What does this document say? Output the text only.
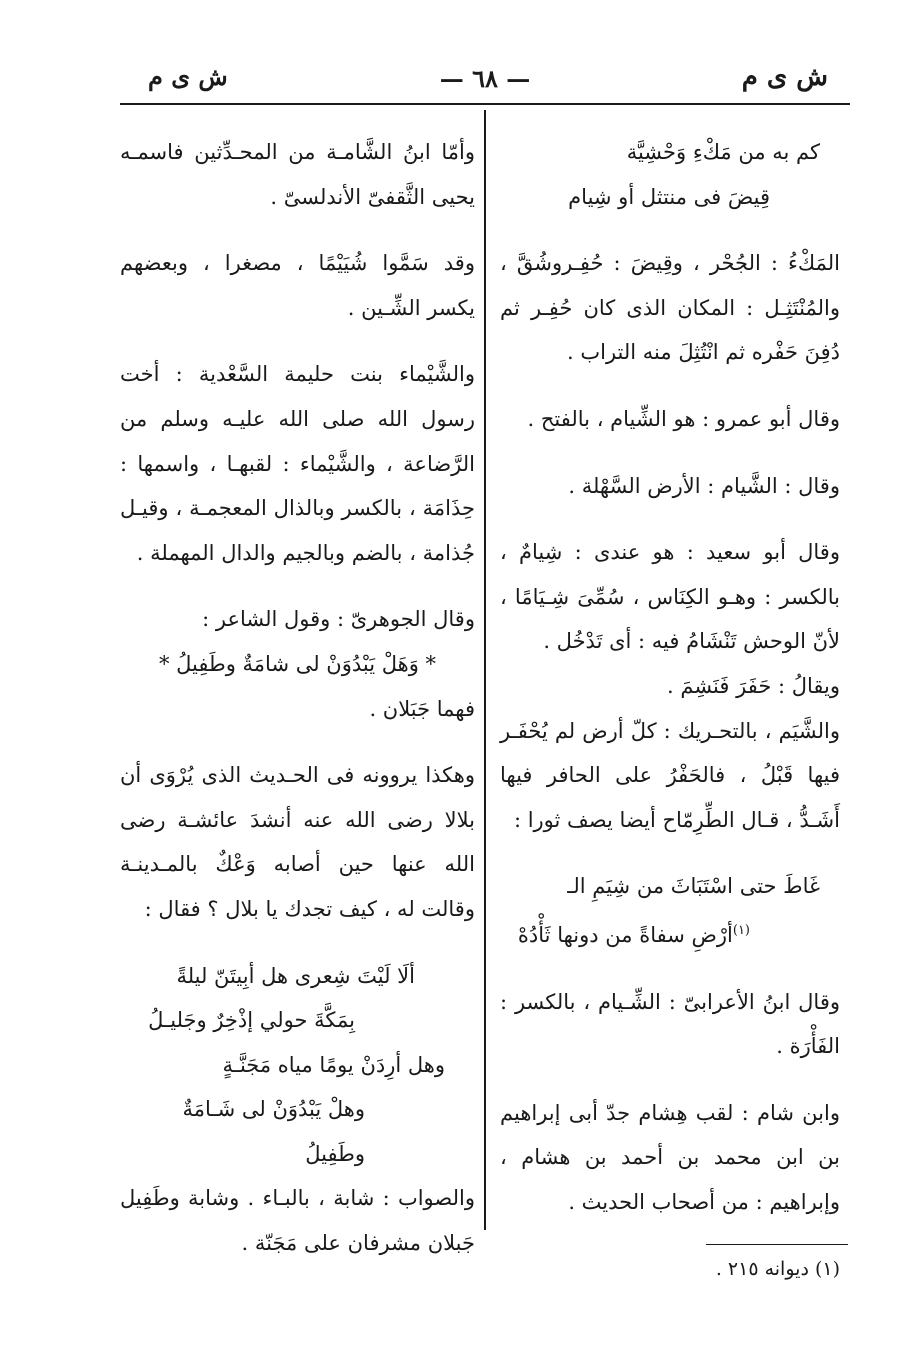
ش ی م
— ٦٨ —
ش ی م

كم به من مَكْءِ وَحْشِيَّة

قِيضَ فى منتثل أو شِيام

المَكْءُ : الجُحْر ، وقِيضَ : حُفِـروشُقَّ ، والمُنْتَثِـل : المكان الذى كان حُفِـر ثم دُفِنَ حَفْره ثم انْتُثِلَ منه التراب .

وقال أبو عمرو : هو الشِّيام ، بالفتح .

وقال : الشَّيام : الأرض السَّهْلة .

وقال أبو سعيد : هو عندى : شِيامٌ ، بالكسر : وهـو الكِنَاس ، سُمِّىَ شِـيَامًا ، لأنّ الوحش تَنْشَامُ فيه : أى تَدْخُل .

ويقالُ : حَفَرَ فَنَشِمَ .

والشَّيَم ، بالتحـريك : كلّ أرض لم يُحْفَـر فيها قَبْلُ ، فالحَفْرُ على الحافر فيها أَشَـدُّ ، قـال الطِّرِمّاح أيضا يصف ثورا :

غَاطَ حتى اسْتَبَاثَ من شِيَمِ الـ

$^{(١)}$أرْضِ سفاةً من دونها ثَأْدُهْ

وقال ابنُ الأعرابىّ : الشِّـيام ، بالكسر : الفَأْرَة .

وابن شام : لقب هِشام جدّ أبى إبراهيم بن ابن محمد بن أحمد بن هشام ، وإبراهيم : من أصحاب الحديث .

وأمّا ابنُ الشَّامـة من المحـدِّثين فاسمـه يحيى الثَّقفىّ الأندلسىّ .

وقد سَمَّوا شُيَيْمًا ، مصغرا ، وبعضهم يكسر الشِّـين .

والشَّيْماء بنت حليمة السَّعْدية : أخت رسول الله صلى الله عليـه وسلم من الرَّضاعة ، والشَّيْماء : لقبهـا ، واسمها : حِذَامَة ، بالكسر وبالذال المعجمـة ، وقيـل جُذامة ، بالضم وبالجيم والدال المهملة .

وقال الجوهرىّ : وقول الشاعر :

* وَهَلْ يَبْدُوَنْ لى شامَةٌ وطَفِيلُ *

فهما جَبَلان .

وهكذا يروونه فى الحـديث الذى يُرْوَى أن بلالا رضى الله عنه أنشدَ عائشـة رضى الله عنها حين أصابه وَعْكٌ بالمـدينـة وقالت له ، كيف تجدك يا بلال ؟ فقال :

ألَا لَيْتَ شِعرى هل أبِيتَنّ ليلةً

بِمَكَّةَ حولي إذْخِرٌ وجَليـلُ

وهل أرِدَنْ يومًا مياه مَجَنَّـةٍ

وهلْ يَبْدُوَنْ لى شَـامَةٌ وطَفِيلُ

والصواب : شابة ، بالبـاء . وشابة وطَفِيل جَبلان مشرفان على مَجَنّة .

(١) ديوانه ٢١٥ .
